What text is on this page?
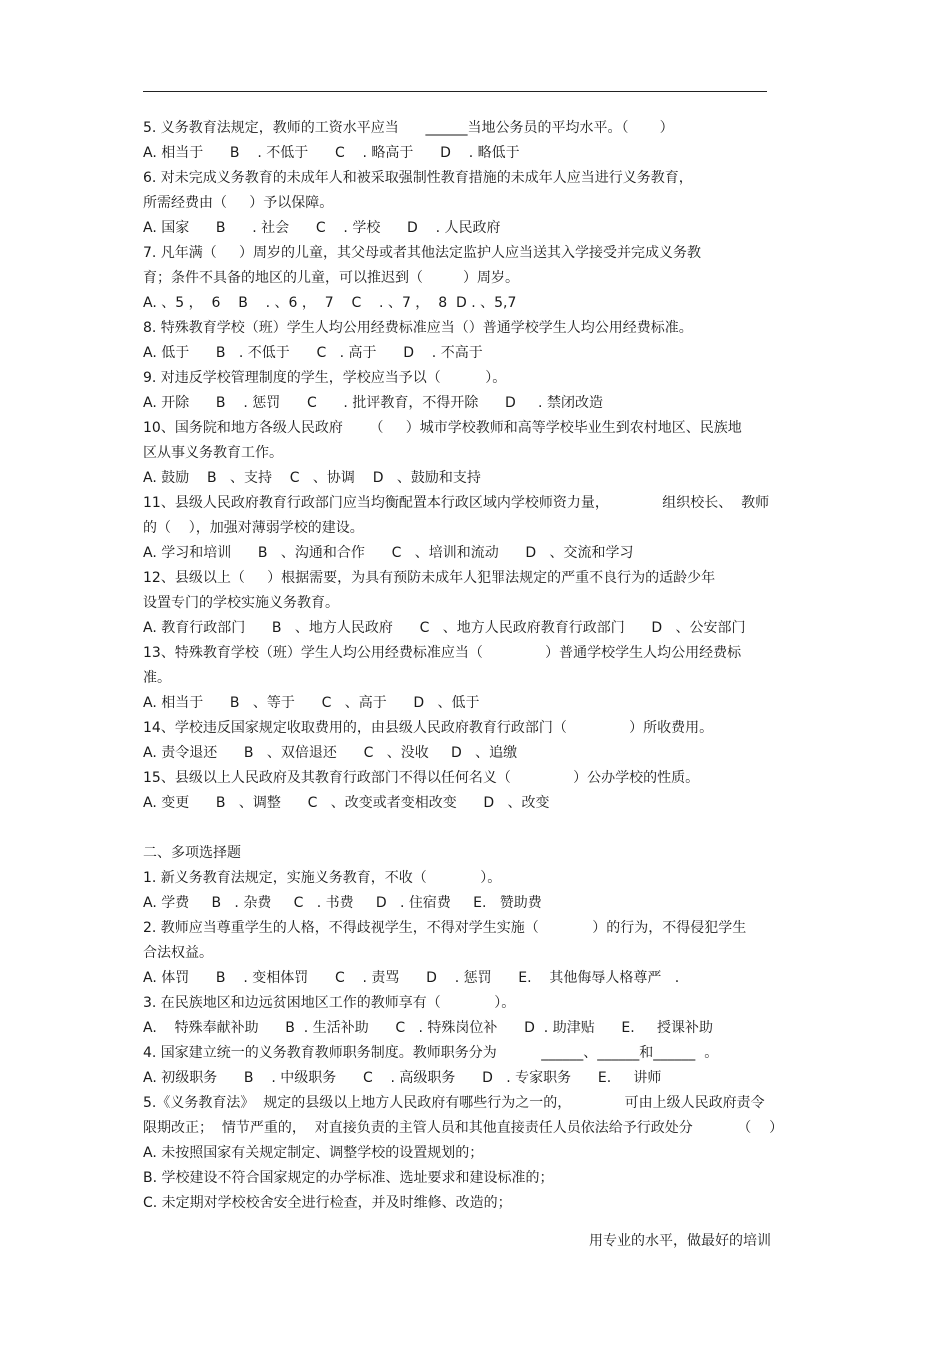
5. 义务教育法规定，教师的工资水平应当      ______当地公务员的平均水平。（       ）
A. 相当于      B    . 不低于      C    . 略高于      D    . 略低于
6. 对未完成义务教育的未成年人和被采取强制性教育措施的未成年人应当进行义务教育，
所需经费由（     ）予以保障。
A. 国家      B      . 社会      C    . 学校      D    . 人民政府
7. 凡年满（     ）周岁的儿童，其父母或者其他法定监护人应当送其入学接受并完成义务教
育；条件不具备的地区的儿童，可以推迟到（         ）周岁。
A. 、5 ，  6    B    . 、6 ，  7    C    . 、7 ，  8  D . 、5,7
8. 特殊教育学校（班）学生人均公用经费标准应当（）普通学校学生人均公用经费标准。
A. 低于      B   . 不低于      C   . 高于      D    . 不高于
9. 对违反学校管理制度的学生，学校应当予以（          ）。
A. 开除      B    . 惩罚      C      . 批评教育，不得开除      D     . 禁闭改造
10、国务院和地方各级人民政府      （     ）城市学校教师和高等学校毕业生到农村地区、民族地
区从事义务教育工作。
A. 鼓励    B   、支持    C   、协调    D   、鼓励和支持
11、县级人民政府教育行政部门应当均衡配置本行政区域内学校师资力量，            组织校长、  教师
的（    ），加强对薄弱学校的建设。
A. 学习和培训      B   、沟通和合作      C   、培训和流动      D   、交流和学习
12、县级以上（     ）根据需要，为具有预防未成年人犯罪法规定的严重不良行为的适龄少年
设置专门的学校实施义务教育。
A. 教育行政部门      B   、地方人民政府      C   、地方人民政府教育行政部门      D   、公安部门
13、特殊教育学校（班）学生人均公用经费标准应当（              ）普通学校学生人均公用经费标
准。
A. 相当于      B   、等于      C   、高于      D   、低于
14、学校违反国家规定收取费用的，由县级人民政府教育行政部门（              ）所收费用。
A. 责令退还      B   、双倍退还      C   、没收     D   、追缴
15、县级以上人民政府及其教育行政部门不得以任何名义（              ）公办学校的性质。
A. 变更      B   、调整      C   、改变或者变相改变      D   、改变
二、多项选择题
1. 新义务教育法规定，实施义务教育，不收（            ）。
A. 学费     B   . 杂费     C   . 书费     D   . 住宿费     E.   赞助费
2. 教师应当尊重学生的人格，不得歧视学生，不得对学生实施（            ）的行为，不得侵犯学生
合法权益。
A. 体罚      B    . 变相体罚      C    . 责骂      D    . 惩罚      E.    其他侮辱人格尊严   .
3. 在民族地区和边远贫困地区工作的教师享有（            ）。
A.    特殊奉献补助      B  . 生活补助      C   . 特殊岗位补      D  . 助津贴      E.     授课补助
4. 国家建立统一的义务教育教师职务制度。教师职务分为          ______、______和______  。
A. 初级职务      B    . 中级职务      C    . 高级职务      D   . 专家职务      E.     讲师
5.《义务教育法》  规定的县级以上地方人民政府有哪些行为之一的，            可由上级人民政府责令
限期改正；  情节严重的，  对直接负责的主管人员和其他直接责任人员依法给予行政处分          （    ）
A. 未按照国家有关规定制定、调整学校的设置规划的；
B. 学校建设不符合国家规定的办学标准、选址要求和建设标准的；
C. 未定期对学校校舍安全进行检查，并及时维修、改造的；
用专业的水平，做最好的培训
